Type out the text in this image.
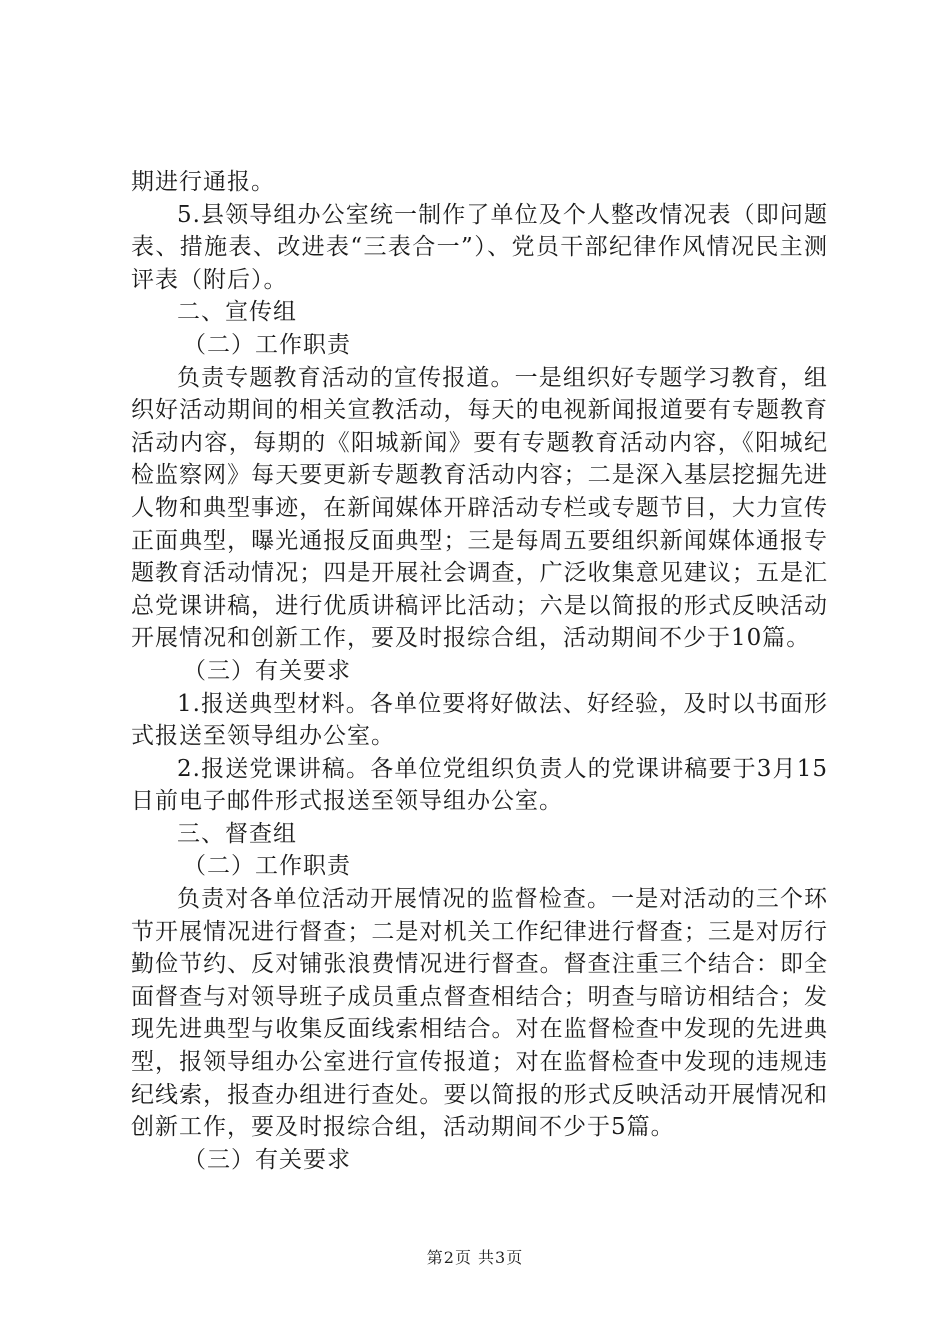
期进行通报。

5.县领导组办公室统一制作了单位及个人整改情况表（即问题表、措施表、改进表“三表合一”）、党员干部纪律作风情况民主测评表（附后）。

二、宣传组

（二）工作职责

负责专题教育活动的宣传报道。一是组织好专题学习教育，组织好活动期间的相关宣教活动，每天的电视新闻报道要有专题教育活动内容，每期的《阳城新闻》要有专题教育活动内容，《阳城纪检监察网》每天要更新专题教育活动内容；二是深入基层挖掘先进人物和典型事迹，在新闻媒体开辟活动专栏或专题节目，大力宣传正面典型，曝光通报反面典型；三是每周五要组织新闻媒体通报专题教育活动情况；四是开展社会调查，广泛收集意见建议；五是汇总党课讲稿，进行优质讲稿评比活动；六是以简报的形式反映活动开展情况和创新工作，要及时报综合组，活动期间不少于10篇。

（三）有关要求

1.报送典型材料。各单位要将好做法、好经验，及时以书面形式报送至领导组办公室。

2.报送党课讲稿。各单位党组织负责人的党课讲稿要于3月15日前电子邮件形式报送至领导组办公室。

三、督查组

（二）工作职责

负责对各单位活动开展情况的监督检查。一是对活动的三个环节开展情况进行督查；二是对机关工作纪律进行督查；三是对厉行勤俭节约、反对铺张浪费情况进行督查。督查注重三个结合：即全面督查与对领导班子成员重点督查相结合；明查与暗访相结合；发现先进典型与收集反面线索相结合。对在监督检查中发现的先进典型，报领导组办公室进行宣传报道；对在监督检查中发现的违规违纪线索，报查办组进行查处。要以简报的形式反映活动开展情况和创新工作，要及时报综合组，活动期间不少于5篇。

（三）有关要求

第2页 共3页
